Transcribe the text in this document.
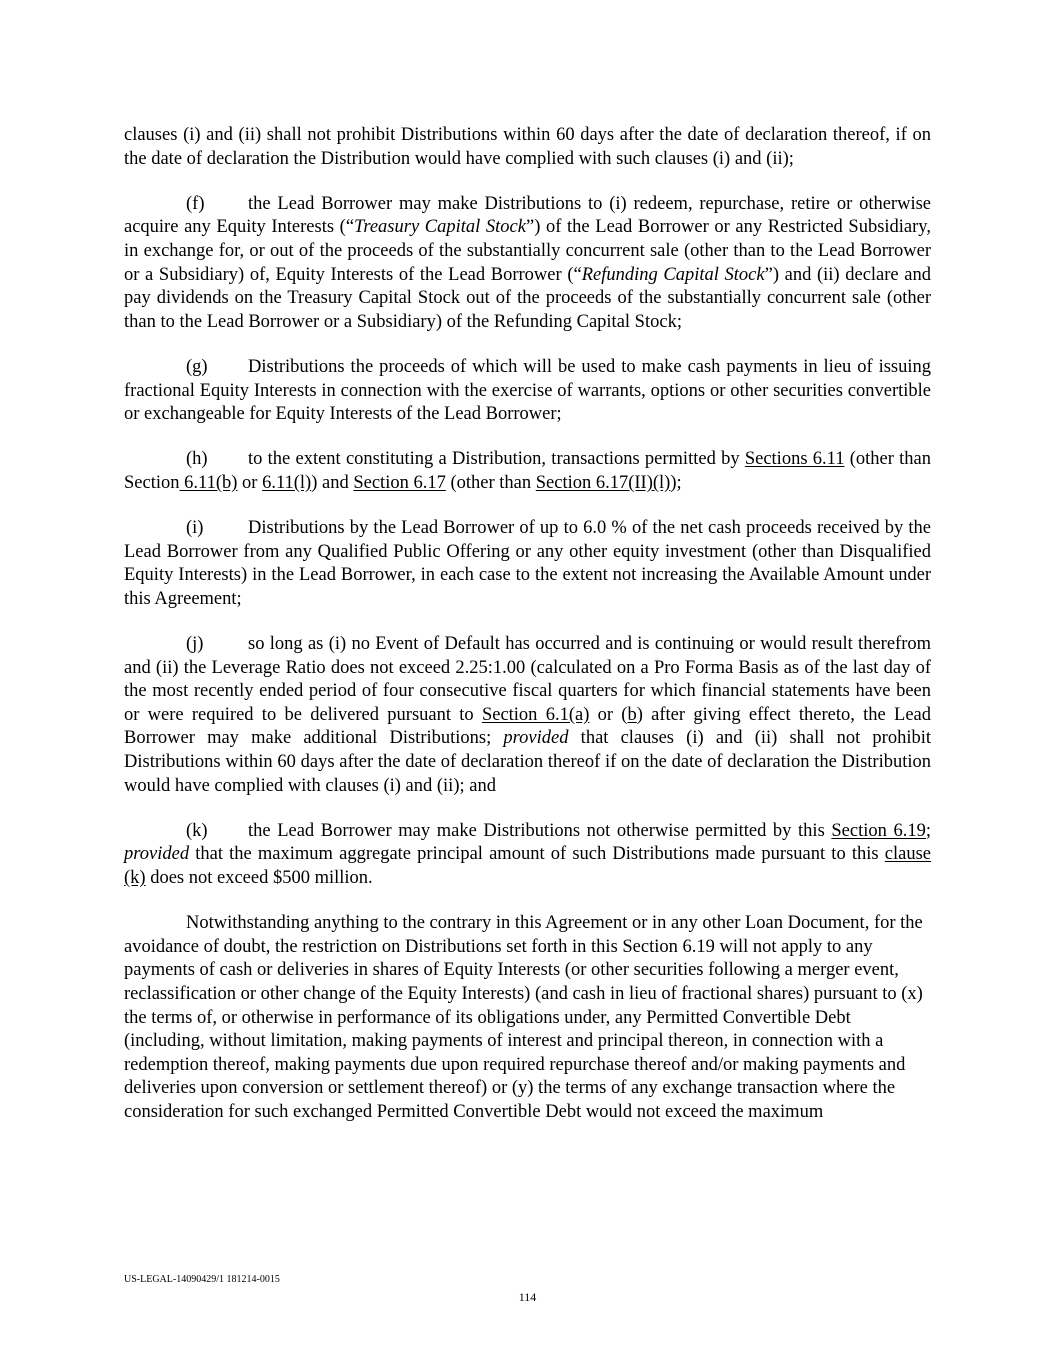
clauses (i) and (ii) shall not prohibit Distributions within 60 days after the date of declaration thereof, if on the date of declaration the Distribution would have complied with such clauses (i) and (ii);

(f) the Lead Borrower may make Distributions to (i) redeem, repurchase, retire or otherwise acquire any Equity Interests (“Treasury Capital Stock”) of the Lead Borrower or any Restricted Subsidiary, in exchange for, or out of the proceeds of the substantially concurrent sale (other than to the Lead Borrower or a Subsidiary) of, Equity Interests of the Lead Borrower (“Refunding Capital Stock”) and (ii) declare and pay dividends on the Treasury Capital Stock out of the proceeds of the substantially concurrent sale (other than to the Lead Borrower or a Subsidiary) of the Refunding Capital Stock;

(g) Distributions the proceeds of which will be used to make cash payments in lieu of issuing fractional Equity Interests in connection with the exercise of warrants, options or other securities convertible or exchangeable for Equity Interests of the Lead Borrower;

(h) to the extent constituting a Distribution, transactions permitted by Sections 6.11 (other than Section 6.11(b) or 6.11(l)) and Section 6.17 (other than Section 6.17(II)(l));

(i) Distributions by the Lead Borrower of up to 6.0 % of the net cash proceeds received by the Lead Borrower from any Qualified Public Offering or any other equity investment (other than Disqualified Equity Interests) in the Lead Borrower, in each case to the extent not increasing the Available Amount under this Agreement;

(j) so long as (i) no Event of Default has occurred and is continuing or would result therefrom and (ii) the Leverage Ratio does not exceed 2.25:1.00 (calculated on a Pro Forma Basis as of the last day of the most recently ended period of four consecutive fiscal quarters for which financial statements have been or were required to be delivered pursuant to Section 6.1(a) or (b) after giving effect thereto, the Lead Borrower may make additional Distributions; provided that clauses (i) and (ii) shall not prohibit Distributions within 60 days after the date of declaration thereof if on the date of declaration the Distribution would have complied with clauses (i) and (ii); and

(k) the Lead Borrower may make Distributions not otherwise permitted by this Section 6.19; provided that the maximum aggregate principal amount of such Distributions made pursuant to this clause (k) does not exceed $500 million.

Notwithstanding anything to the contrary in this Agreement or in any other Loan Document, for the avoidance of doubt, the restriction on Distributions set forth in this Section 6.19 will not apply to any payments of cash or deliveries in shares of Equity Interests (or other securities following a merger event, reclassification or other change of the Equity Interests) (and cash in lieu of fractional shares) pursuant to (x) the terms of, or otherwise in performance of its obligations under, any Permitted Convertible Debt (including, without limitation, making payments of interest and principal thereon, in connection with a redemption thereof, making payments due upon required repurchase thereof and/or making payments and deliveries upon conversion or settlement thereof) or (y) the terms of any exchange transaction where the consideration for such exchanged Permitted Convertible Debt would not exceed the maximum

US-LEGAL-14090429/1 181214-0015
114
